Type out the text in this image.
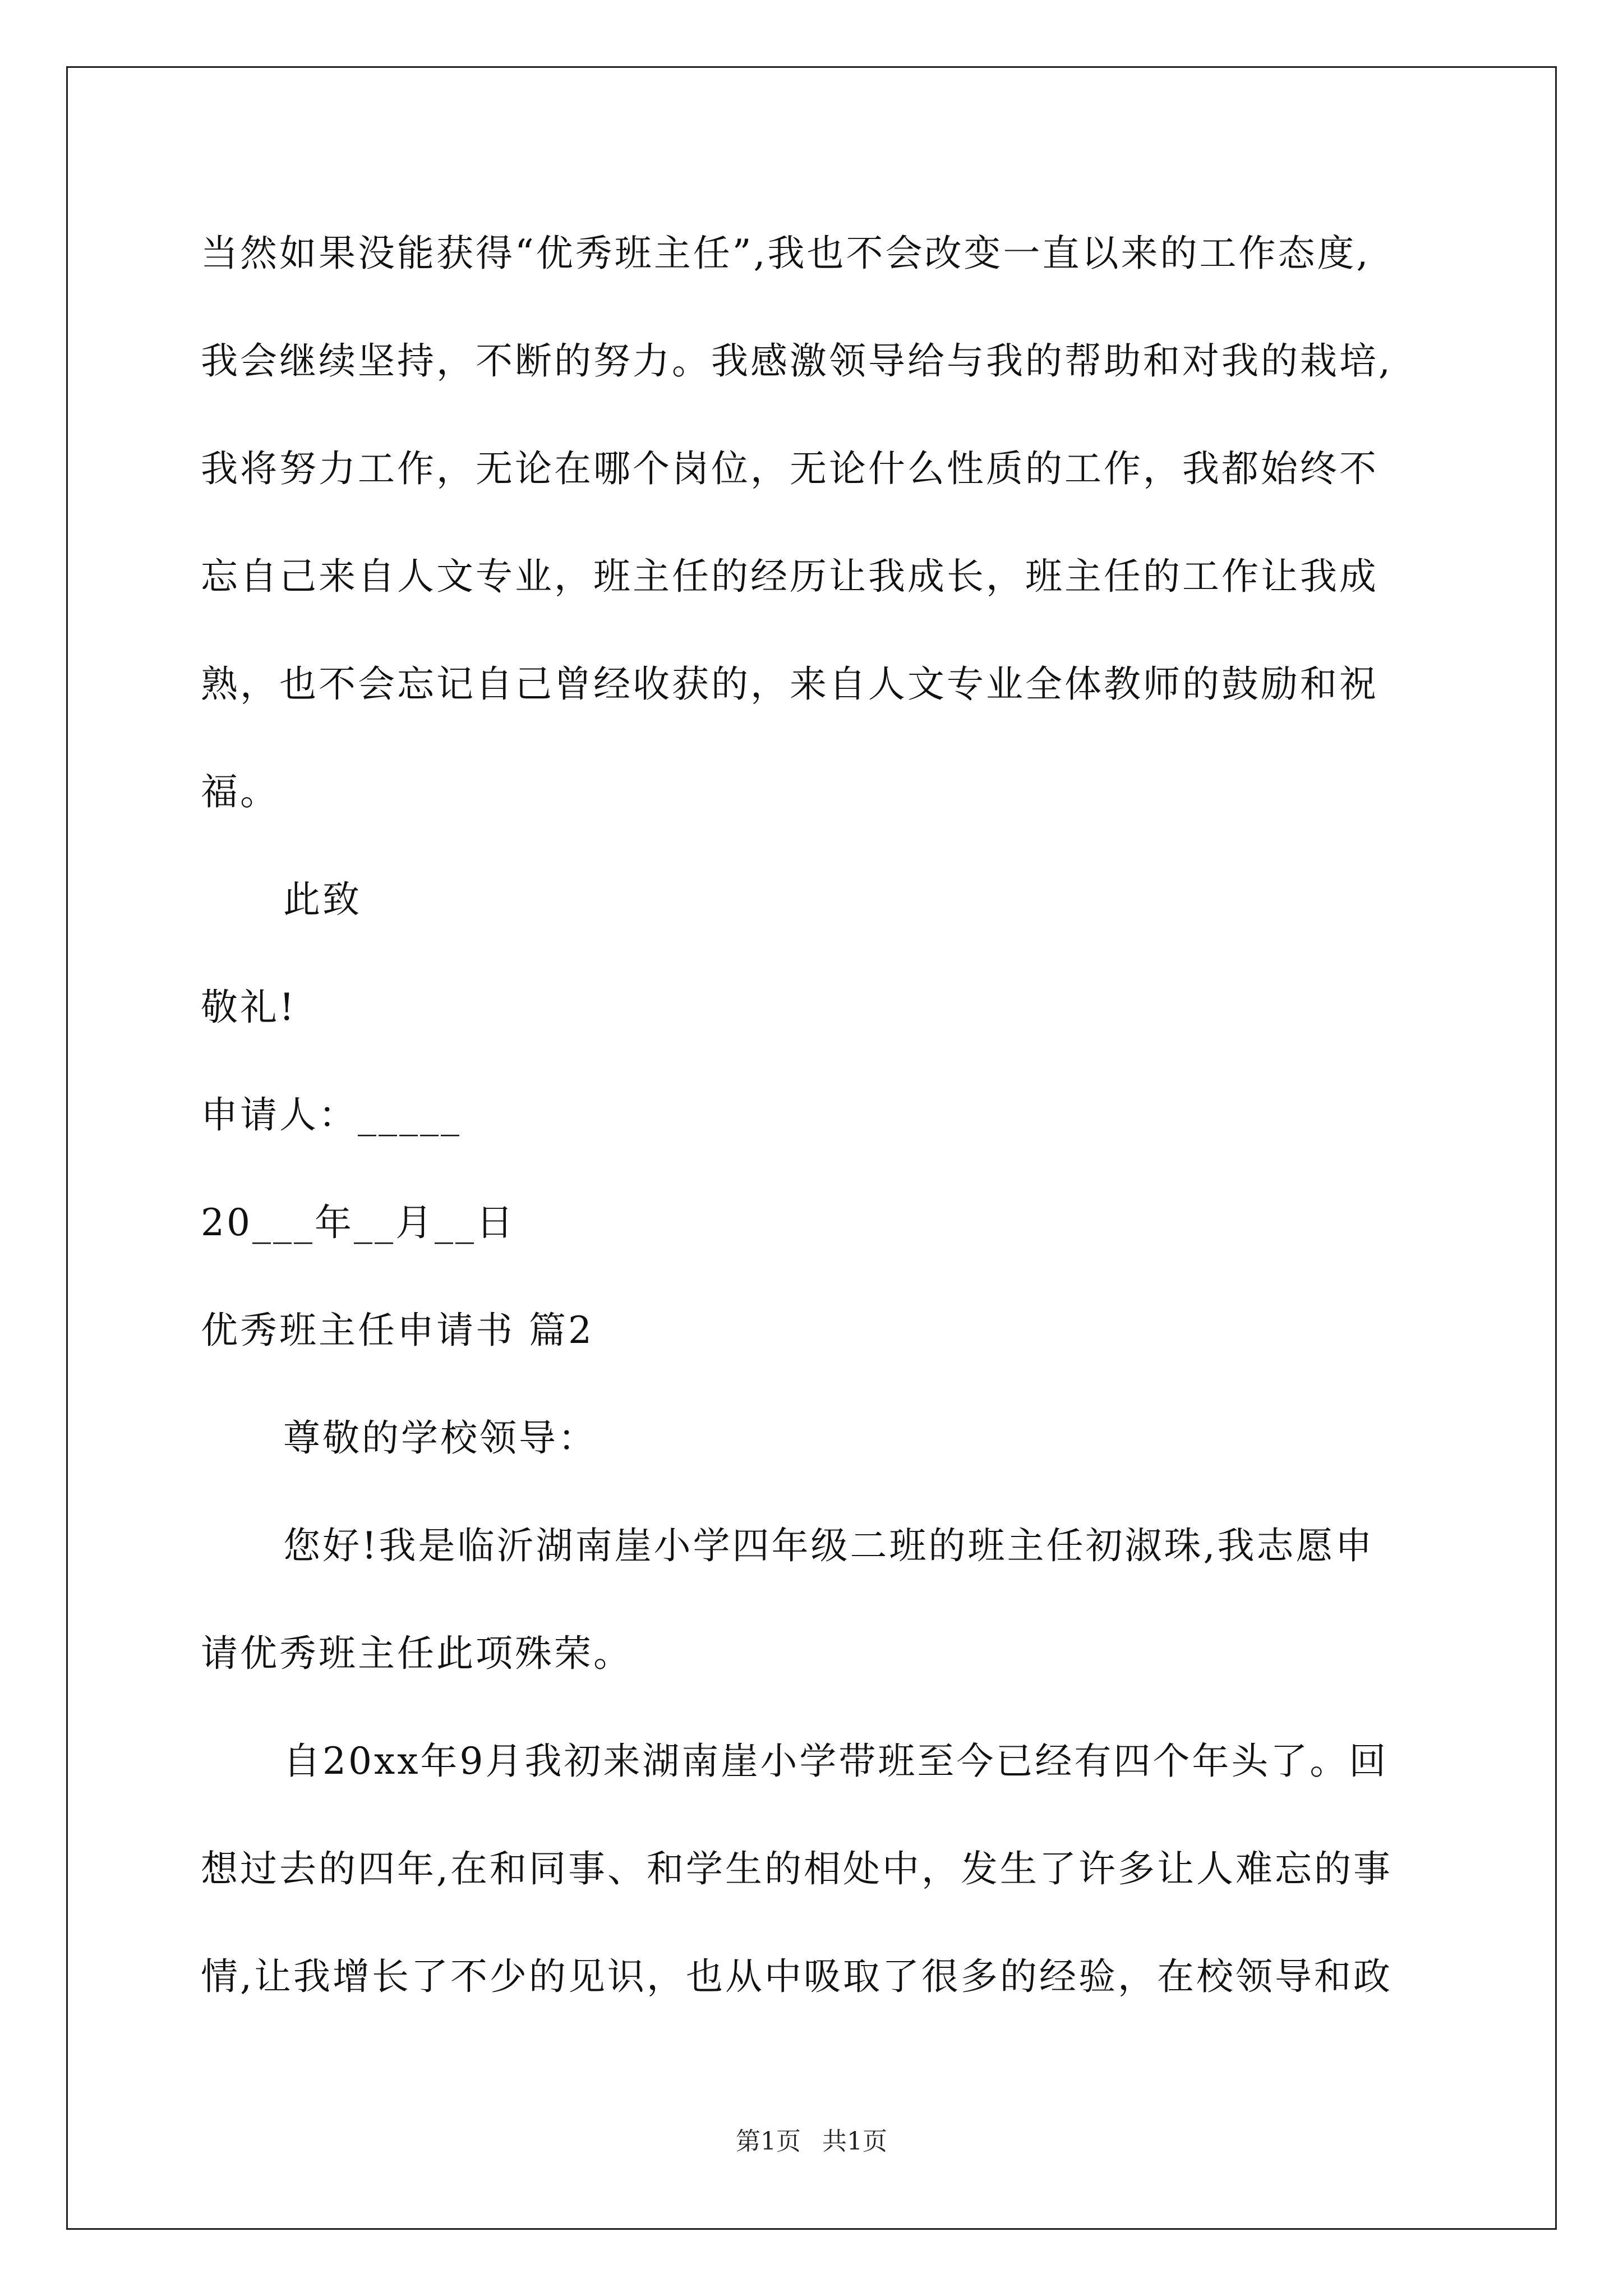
当然如果没能获得“优秀班主任”,我也不会改变一直以来的工作态度,
我会继续坚持，不断的努力。我感激领导给与我的帮助和对我的栽培,
我将努力工作，无论在哪个岗位，无论什么性质的工作，我都始终不
忘自己来自人文专业，班主任的经历让我成长，班主任的工作让我成
熟，也不会忘记自己曾经收获的，来自人文专业全体教师的鼓励和祝
福。
此致
敬礼!
申请人：_____
20___年__月__日
优秀班主任申请书 篇2
尊敬的学校领导：
您好!我是临沂湖南崖小学四年级二班的班主任初淑珠,我志愿申
请优秀班主任此项殊荣。
自20xx年9月我初来湖南崖小学带班至今已经有四个年头了。回
想过去的四年,在和同事、和学生的相处中，发生了许多让人难忘的事
情,让我增长了不少的见识，也从中吸取了很多的经验，在校领导和政
第1页 共1页
